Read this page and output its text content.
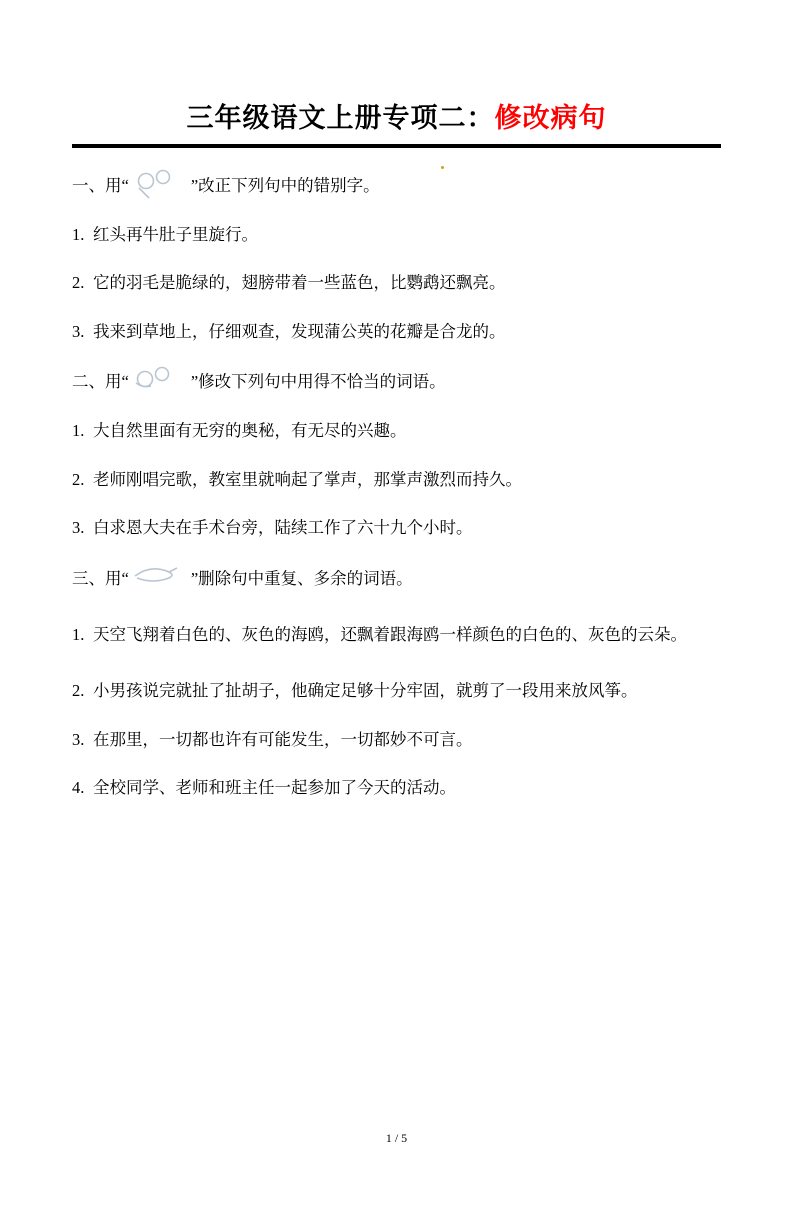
三年级语文上册专项二：修改病句
一、用“	”改正下列句中的错别字。
1. 红头再牛肚子里旋行。
2. 它的羽毛是脆绿的，翅膀带着一些蓝色，比鹦鹉还飘亮。
3. 我来到草地上，仔细观查，发现蒲公英的花瓣是合龙的。
二、用“	”修改下列句中用得不恰当的词语。
1. 大自然里面有无穷的奥秘，有无尽的兴趣。
2. 老师刚唱完歌，教室里就响起了掌声，那掌声激烈而持久。
3. 白求恩大夫在手术台旁，陆续工作了六十九个小时。
三、用“	”删除句中重复、多余的词语。
1. 天空飞翔着白色的、灰色的海鸥，还飘着跟海鸥一样颜色的白色的、灰色的云朵。
2. 小男孩说完就扯了扯胡子，他确定足够十分牢固，就剪了一段用来放风筝。
3. 在那里，一切都也许有可能发生，一切都妙不可言。
4. 全校同学、老师和班主任一起参加了今天的活动。
1 / 5
